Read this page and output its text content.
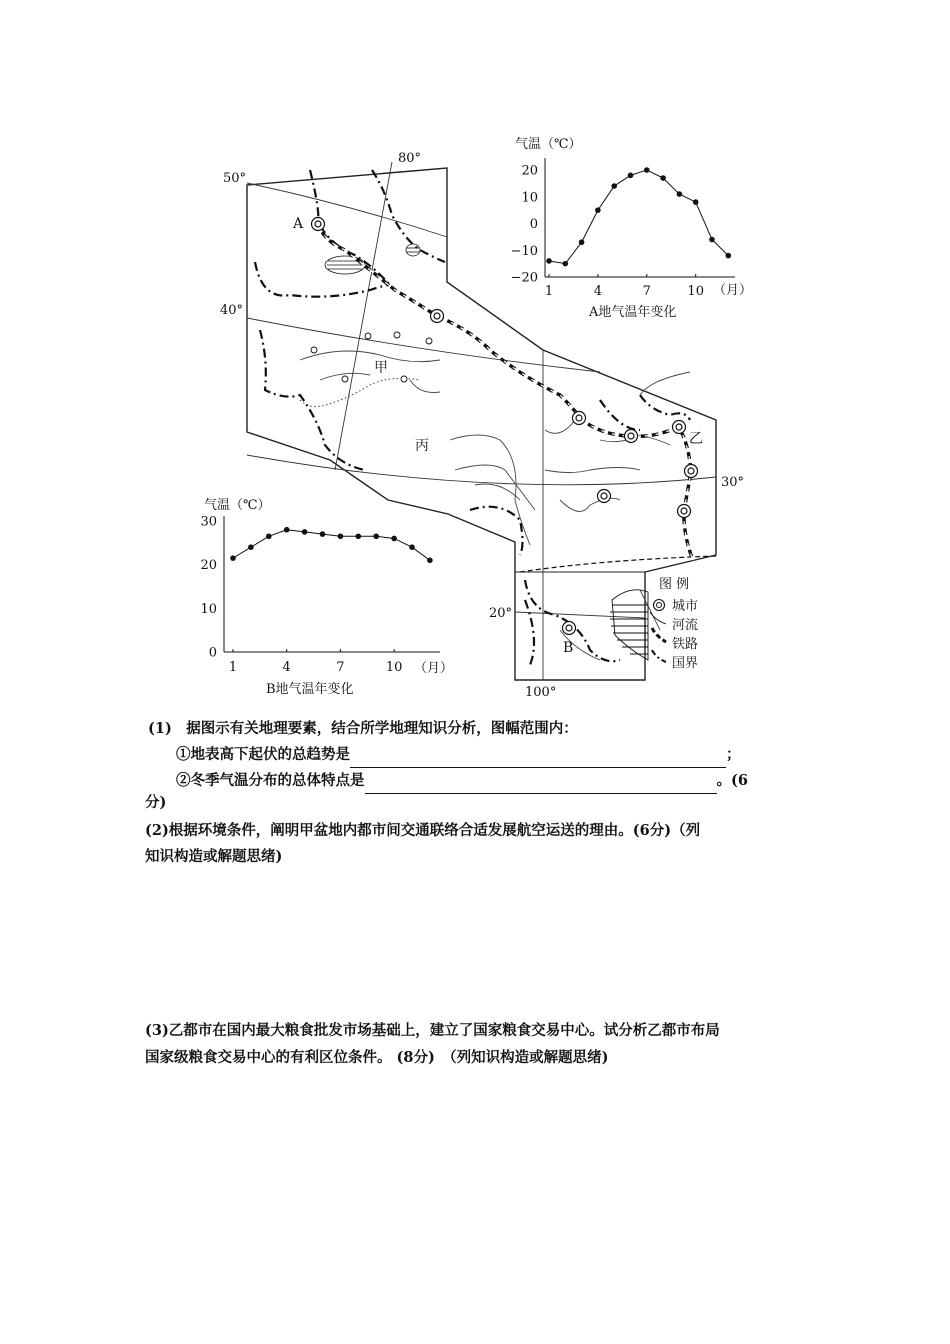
50°
40°
30°
20°
80°
100°
A
B
甲
丙	乙
图 例
城市
河流
铁路
国界
气温（℃）
20
10
0
−10
−20
1	4	7	10 （月）
A地气温年变化
气温（℃）
30
20
10
0
1	4	7	10 （月）
B地气温年变化
(1)　据图示有关地理要素，结合所学地理知识分析，图幅范围内：
①地表高下起伏的总趋势是	；
②冬季气温分布的总体特点是	。(6
分)
(2)根据环境条件，阐明甲盆地内都市间交通联络合适发展航空运送的理由。(6分)（列
知识构造或解题思绪)
(3)乙都市在国内最大粮食批发市场基础上，建立了国家粮食交易中心。试分析乙都市布局
国家级粮食交易中心的有利区位条件。 (8分)　（列知识构造或解题思绪)
